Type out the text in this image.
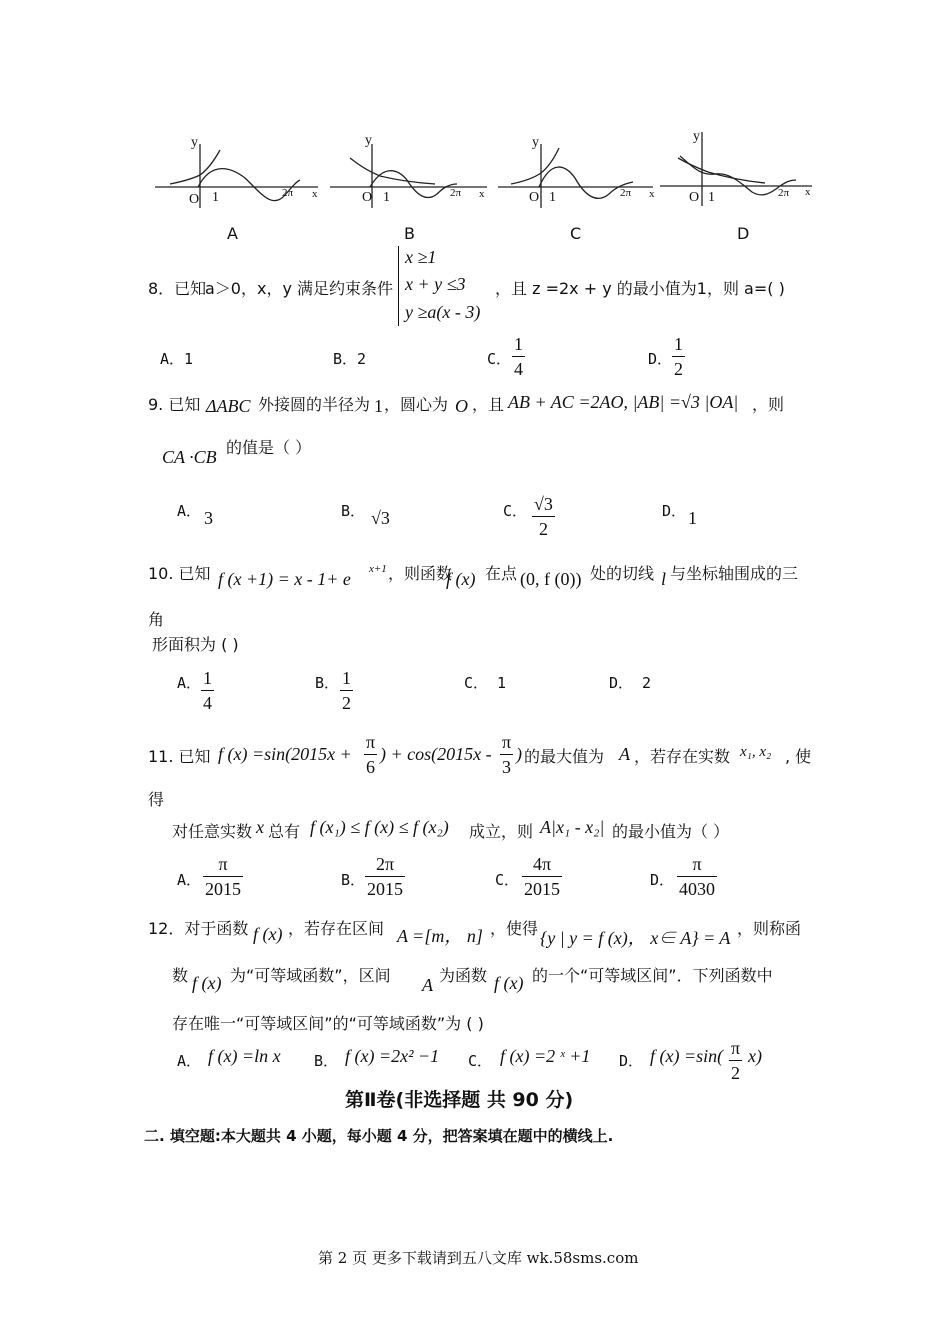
y
O 1	2π x
y
O 1	2π x
y
O 1	2π x
y
O 1	2π x
A	B	C	D
8．已知
a＞0，x，y 满足约束条件
x ≥1
x + y ≤3
y ≥a(x - 3)
，且 z =2x + y 的最小值为1，则 a=( )
A．1	B．2	C． $\frac{1}{4}$	D． $\frac{1}{2}$
9. 已知 ΔABC 外接圆的半径为 1 ，圆心为 O ，且 AB + AC =2AO, |AB| =√3 |OA| ，则
CA ·CB 的值是（ ）
A． 3	B． √3	C． $\frac{√3}{2}$	D． 1
10. 已知 f (x +1) = x - 1+ e x+1 ，则函数
f (x) 在点 (0, f (0)) 处的切线 l 与坐标轴围成的三
角
形面积为 ( )
A． $\frac{1}{4}$	B． $\frac{1}{2}$	C． 1	D． 2
11. 已知 f $(x) =\sin(2015x + \frac{\pi}{6}$ ) + $\cos(2015x - \frac{\pi}{3}$ ) 的最大值为 A ，若存在实数 x₁, x₂ , 使
得
对任意实数 x 总有 f (x₁) ≤ f (x) ≤ f (x₂) 成立，则 A|x₁ - x₂| 的最小值为（ ）
A． $\frac{\pi}{2015}$	B． $\frac{2\pi}{2015}$	C． $\frac{4\pi}{2015}$	D． $\frac{\pi}{4030}$
12．对于函数 f (x) ，若存在区间 A =[m， n] ，使得 {y | y = f (x)， x∈ A} = A ，则称函
数 f (x) 为“可等域函数”，区间 A 为函数 f (x) 的一个“可等域区间”．下列函数中
存在唯一“可等域区间”的“可等域函数”为 ( )
A． f (x) =ln x B． f (x) =2x² −1 C． f (x) =2 ˣ +1 D． f $(x) =\sin( \frac{\pi}{2} x)$
第Ⅱ卷(非选择题 共 90 分)
二. 填空题:本大题共 4 小题，每小题 4 分，把答案填在题中的横线上.
第 2 页 更多下载请到五八文库 wk.58sms.com
